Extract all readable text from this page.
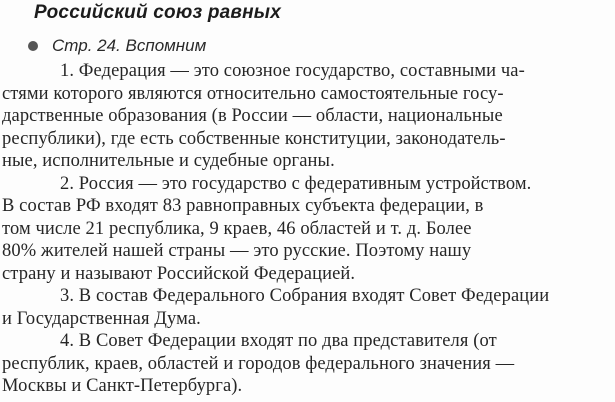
Российский союз равных
Стр. 24. Вспомним
1. Федерация — это союзное государство, составными ча-
стями которого являются относительно самостоятельные госу-
дарственные образования (в России — области, национальные
республики), где есть собственные конституции, законодатель-
ные, исполнительные и судебные органы.
2. Россия — это государство с федеративным устройством.
В состав РФ входят 83 равноправных субъекта федерации, в
том числе 21 республика, 9 краев, 46 областей и т. д. Более
80% жителей нашей страны — это русские. Поэтому нашу
страну и называют Российской Федерацией.
3. В состав Федерального Собрания входят Совет Федерации
и Государственная Дума.
4. В Совет Федерации входят по два представителя (от
республик, краев, областей и городов федерального значения —
Москвы и Санкт-Петербурга).
